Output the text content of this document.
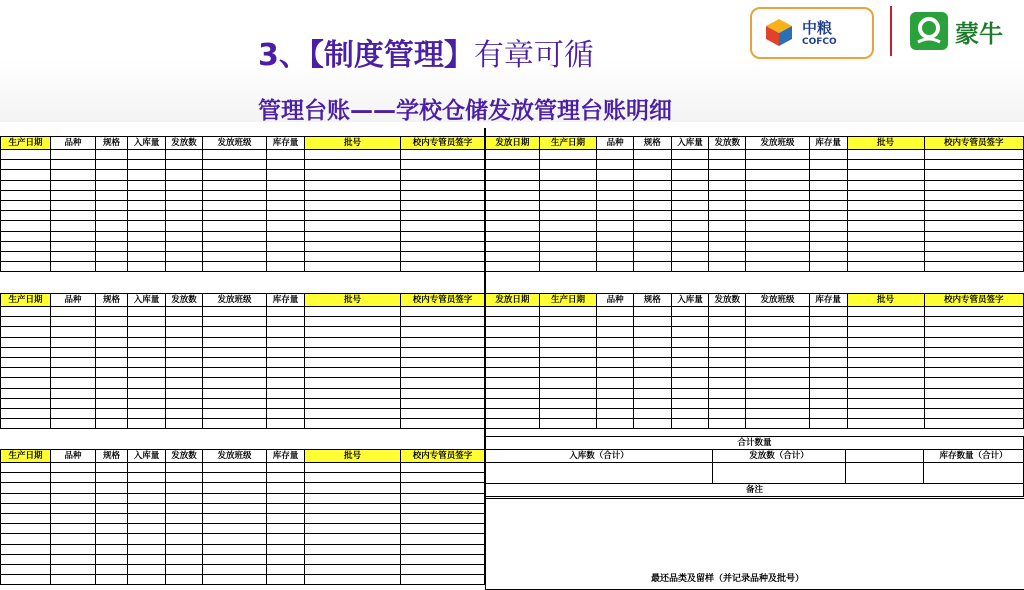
3、【制度管理】有章可循
管理台账——学校仓储发放管理台账明细
中粮
COFCO	蒙牛
生产日期	品种	规格	入库量	发放数	发放班级	库存量	批号	校内专管员签字

									发放日期	生产日期	品种	规格	入库量	发放数	发放班级	库存量	批号	校内专管员签字

生产日期	品种	规格	入库量	发放数	发放班级	库存量	批号	校内专管员签字

									发放日期	生产日期	品种	规格	入库量	发放数	发放班级	库存量	批号	校内专管员签字

生产日期	品种	规格	入库量	发放数	发放班级	库存量	批号	校内专管员签字

合计数量			
入库数（合计）	发放数（合计）		库存数量（合计）

备注			
最还品类及留样（并记录品种及批号）
